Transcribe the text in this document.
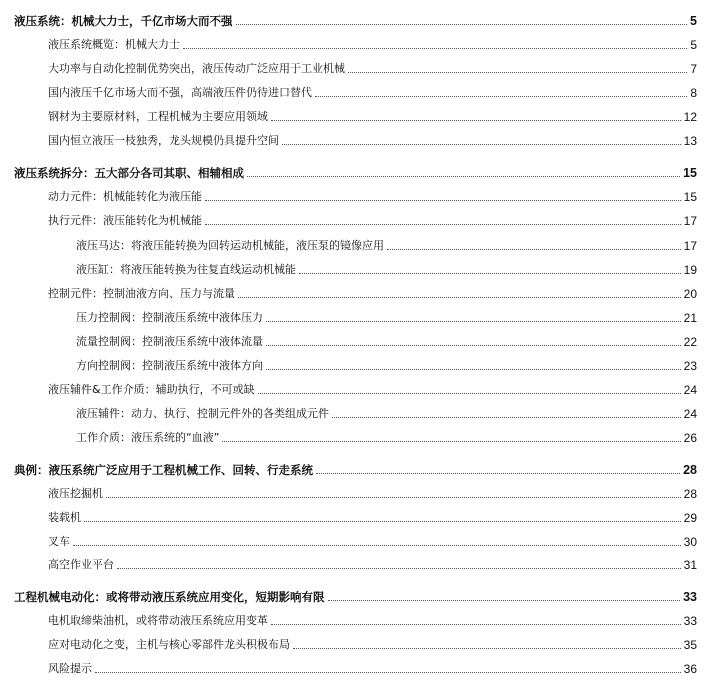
液压系统：机械大力士，千亿市场大而不强	5
液压系统概览：机械大力士	5
大功率与自动化控制优势突出，液压传动广泛应用于工业机械	7
国内液压千亿市场大而不强，高端液压件仍待进口替代	8
钢材为主要原材料，工程机械为主要应用领域	12
国内恒立液压一枝独秀，龙头规模仍具提升空间	13
液压系统拆分：五大部分各司其职、相辅相成	15
动力元件：机械能转化为液压能	15
执行元件：液压能转化为机械能	17
液压马达：将液压能转换为回转运动机械能，液压泵的镜像应用	17
液压缸：将液压能转换为往复直线运动机械能	19
控制元件：控制油液方向、压力与流量	20
压力控制阀：控制液压系统中液体压力	21
流量控制阀：控制液压系统中液体流量	22
方向控制阀：控制液压系统中液体方向	23
液压辅件&工作介质：辅助执行，不可或缺	24
液压辅件：动力、执行、控制元件外的各类组成元件	24
工作介质：液压系统的“血液”	26
典例：液压系统广泛应用于工程机械工作、回转、行走系统	28
液压挖掘机	28
装载机	29
叉车	30
高空作业平台	31
工程机械电动化：或将带动液压系统应用变化，短期影响有限	33
电机取缔柴油机，或将带动液压系统应用变革	33
应对电动化之变，主机与核心零部件龙头积极布局	35
风险提示	36
